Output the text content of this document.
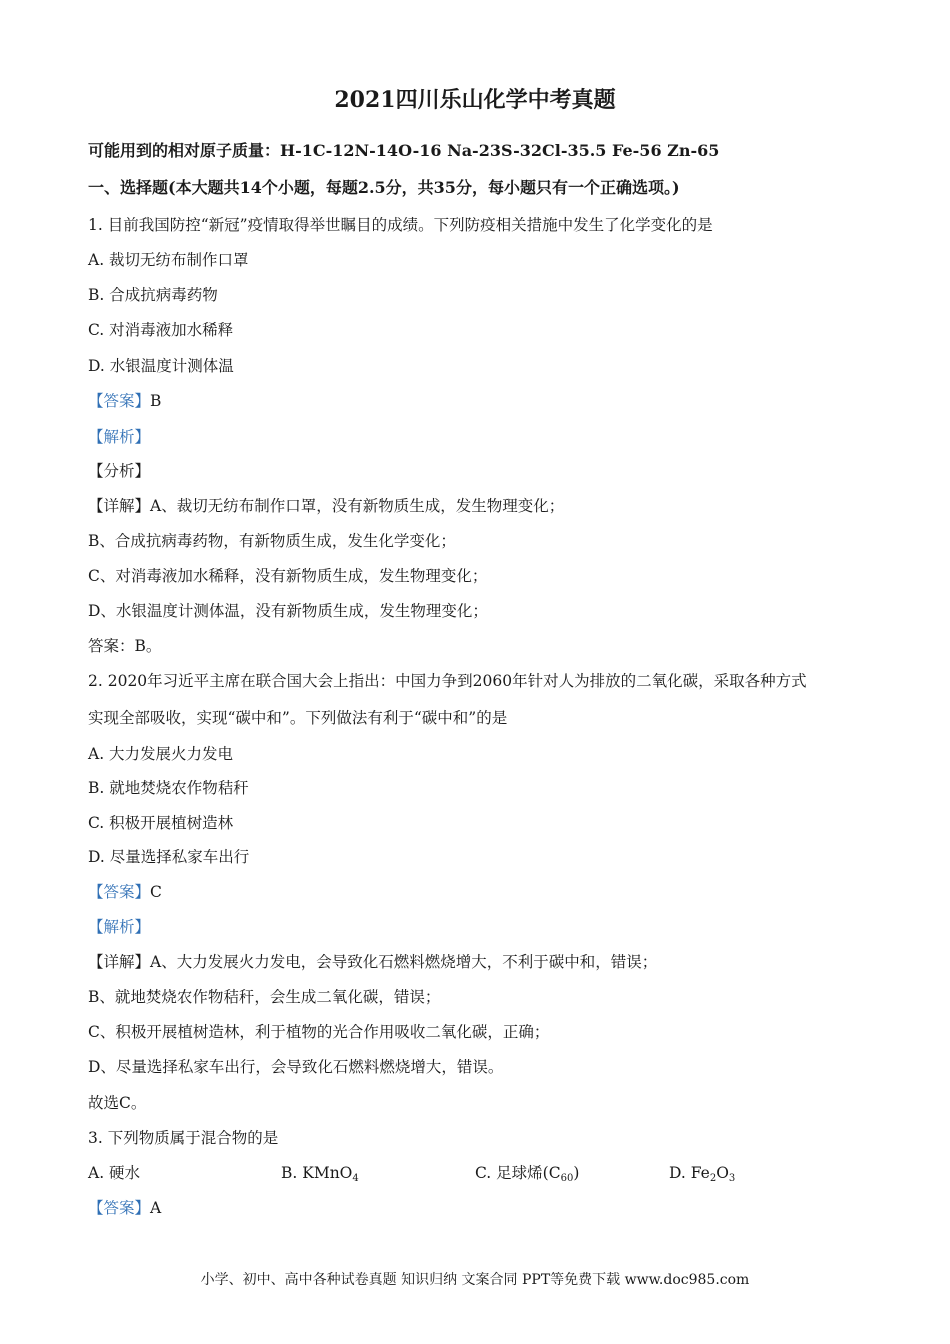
2021四川乐山化学中考真题
可能用到的相对原子质量：H-1C-12N-14O-16 Na-23S-32Cl-35.5 Fe-56 Zn-65
一、选择题(本大题共14个小题，每题2.5分，共35分，每小题只有一个正确选项。)
1. 目前我国防控“新冠”疫情取得举世瞩目的成绩。下列防疫相关措施中发生了化学变化的是
A. 裁切无纺布制作口罩
B. 合成抗病毒药物
C. 对消毒液加水稀释
D. 水银温度计测体温
【答案】B
【解析】
【分析】
【详解】A、裁切无纺布制作口罩，没有新物质生成，发生物理变化；
B、合成抗病毒药物，有新物质生成，发生化学变化；
C、对消毒液加水稀释，没有新物质生成，发生物理变化；
D、水银温度计测体温，没有新物质生成，发生物理变化；
答案：B。
2. 2020年习近平主席在联合国大会上指出：中国力争到2060年针对人为排放的二氧化碳，采取各种方式
实现全部吸收，实现“碳中和”。下列做法有利于“碳中和”的是
A. 大力发展火力发电
B. 就地焚烧农作物秸秆
C. 积极开展植树造林
D. 尽量选择私家车出行
【答案】C
【解析】
【详解】A、大力发展火力发电，会导致化石燃料燃烧增大，不利于碳中和，错误；
B、就地焚烧农作物秸秆，会生成二氧化碳，错误；
C、积极开展植树造林，利于植物的光合作用吸收二氧化碳，正确；
D、尽量选择私家车出行，会导致化石燃料燃烧增大，错误。
故选C。
3. 下列物质属于混合物的是
A. 硬水	B. KMnO$_4$	C. 足球烯$(C_{60})$	D. $Fe_2O_3$
【答案】A
小学、初中、高中各种试卷真题 知识归纳 文案合同 PPT等免费下载 www.doc985.com
